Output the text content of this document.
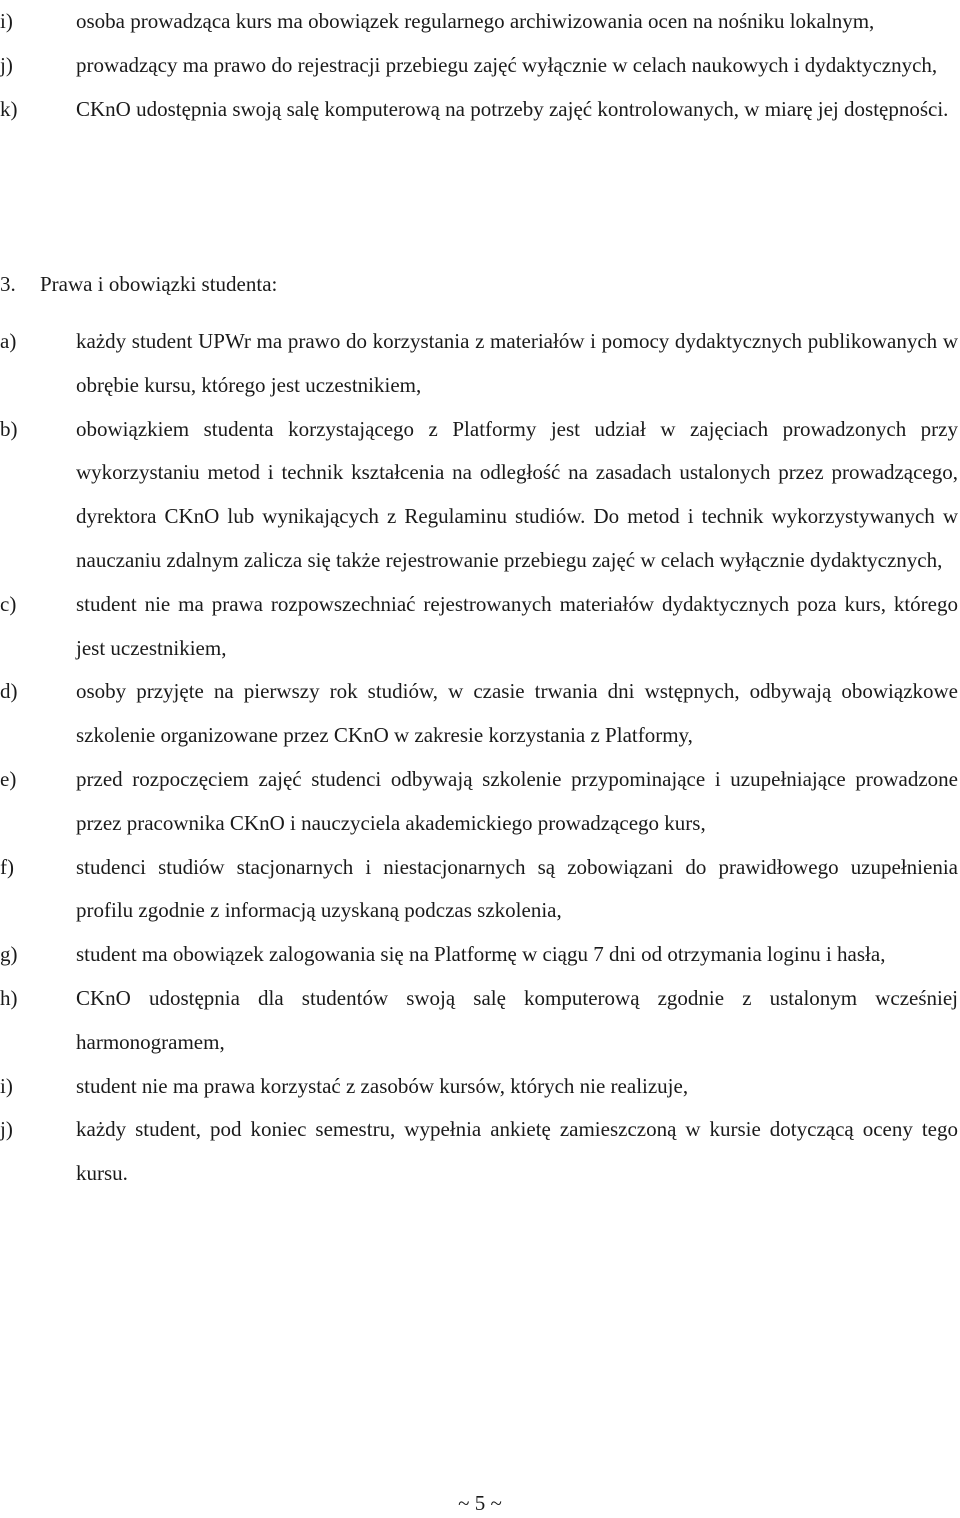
i)	osoba prowadząca kurs ma obowiązek regularnego archiwizowania ocen na nośniku lokalnym,
j)	prowadzący ma prawo do rejestracji przebiegu zajęć wyłącznie w celach naukowych i dydaktycznych,
k)	CKnO udostępnia swoją salę komputerową na potrzeby zajęć kontrolowanych, w miarę jej dostępności.
3. Prawa i obowiązki studenta:
a)	każdy student UPWr ma prawo do korzystania z materiałów i pomocy dydaktycznych publikowanych w obrębie kursu, którego jest uczestnikiem,
b)	obowiązkiem studenta korzystającego z Platformy jest udział w zajęciach prowadzonych przy wykorzystaniu metod i technik kształcenia na odległość na zasadach ustalonych przez prowadzącego, dyrektora CKnO lub wynikających z Regulaminu studiów. Do metod i technik wykorzystywanych w nauczaniu zdalnym zalicza się także rejestrowanie przebiegu zajęć w celach wyłącznie dydaktycznych,
c)	student nie ma prawa rozpowszechniać rejestrowanych materiałów dydaktycznych poza kurs, którego jest uczestnikiem,
d)	osoby przyjęte na pierwszy rok studiów, w czasie trwania dni wstępnych, odbywają obowiązkowe szkolenie organizowane przez CKnO w zakresie korzystania z Platformy,
e)	przed rozpoczęciem zajęć studenci odbywają szkolenie przypominające i uzupełniające prowadzone przez pracownika CKnO i nauczyciela akademickiego prowadzącego kurs,
f)	studenci studiów stacjonarnych i niestacjonarnych są zobowiązani do prawidłowego uzupełnienia profilu zgodnie z informacją uzyskaną podczas szkolenia,
g)	student ma obowiązek zalogowania się na Platformę w ciągu 7 dni od otrzymania loginu i hasła,
h)	CKnO udostępnia dla studentów swoją salę komputerową zgodnie z ustalonym wcześniej harmonogramem,
i)	student nie ma prawa korzystać z zasobów kursów, których nie realizuje,
j)	każdy student, pod koniec semestru, wypełnia ankietę zamieszczoną w kursie dotyczącą oceny tego kursu.
~ 5 ~
